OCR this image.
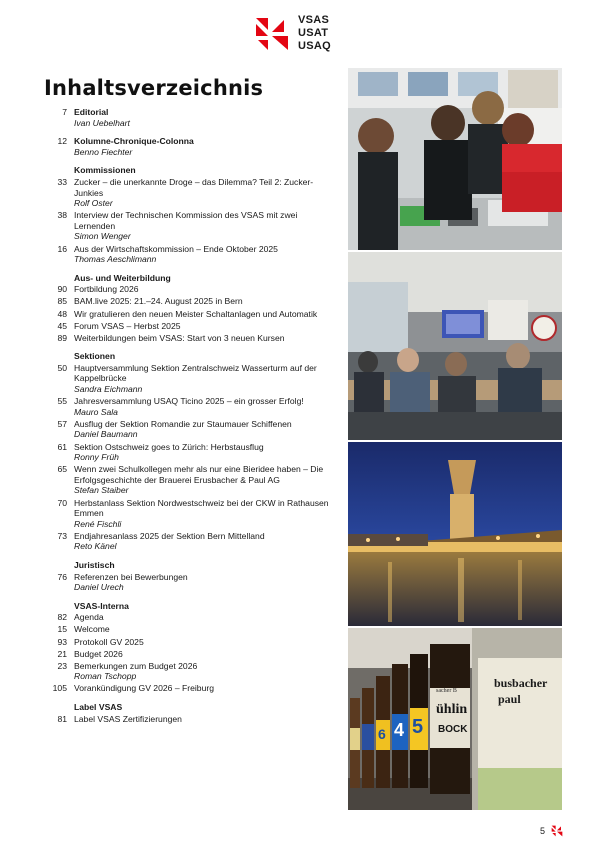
VSAS
USAT
USAQ
Inhaltsverzeichnis
7 Editorial
Ivan Uebelhart
12 Kolumne-Chronique-Colonna
Benno Fiechter
Kommissionen
33 Zucker – die unerkannte Droge – das Dilemma? Teil 2: Zucker-Junkies
Rolf Oster
38 Interview der Technischen Kommission des VSAS mit zwei Lernenden
Simon Wenger
16 Aus der Wirtschaftskommission – Ende Oktober 2025
Thomas Aeschlimann
Aus- und Weiterbildung
90 Fortbildung 2026
85 BAM.live 2025: 21.–24. August 2025 in Bern
48 Wir gratulieren den neuen Meister Schaltanlagen und Automatik
45 Forum VSAS – Herbst 2025
89 Weiterbildungen beim VSAS: Start von 3 neuen Kursen
Sektionen
50 Hauptversammlung Sektion Zentralschweiz Wasserturm auf der Kappelbrücke
Sandra Eichmann
55 Jahresversammlung USAQ Ticino 2025 – ein grosser Erfolg!
Mauro Sala
57 Ausflug der Sektion Romandie zur Staumauer Schiffenen
Daniel Baumann
61 Sektion Ostschweiz goes to Zürich: Herbstausflug
Ronny Früh
65 Wenn zwei Schulkollegen mehr als nur eine Bieridee haben – Die Erfolgsgeschichte der Brauerei Erusbacher & Paul AG
Stefan Staiber
70 Herbstanlass Sektion Nordwestschweiz bei der CKW in Rathausen Emmen
René Fischli
73 Endjahresanlass 2025 der Sektion Bern Mittelland
Reto Känel
Juristisch
76 Referenzen bei Bewerbungen
Daniel Urech
VSAS-Interna
82 Agenda
15 Welcome
93 Protokoll GV 2025
21 Budget 2026
23 Bemerkungen zum Budget 2026
Roman Tschopp
105 Vorankündigung GV 2026 – Freiburg
Label VSAS
81 Label VSAS Zertifizierungen
sacher B
busbacher
paul
ühlin
BOCK
4 5
6
5
